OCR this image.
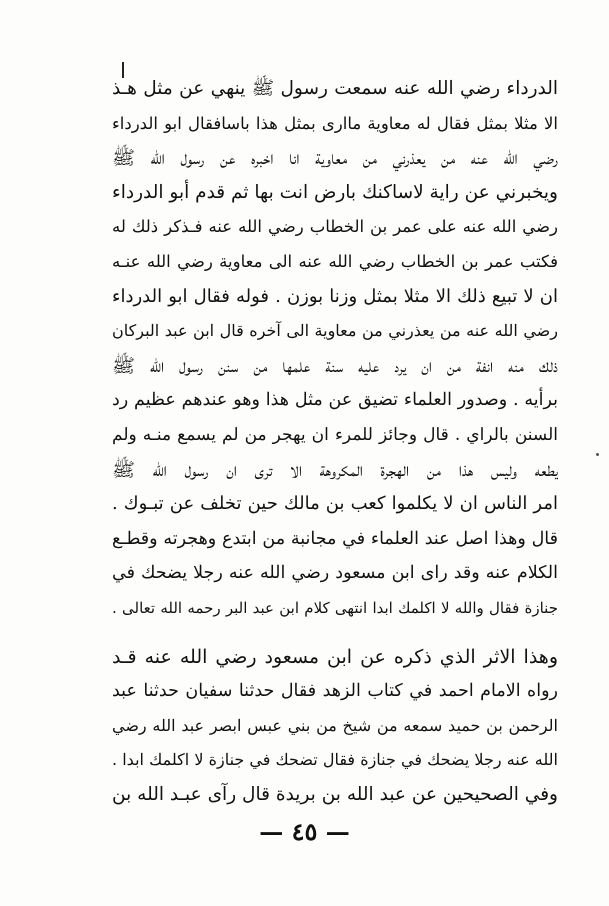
الدرداء رضي الله عنه سمعت رسول ﷺ ينهي عن مثل هـذ
الا مثلا بمثل فقال له معاوية ماارى بمثل هذا باسافقال ابو الدرداء
رضي الله عنه من يعذرني من معاوية انا اخبره عن رسول الله ﷺ
ويخبرني عن راية لاساكنك بارض انت بها ثم قدم أبو الدرداء
رضي الله عنه على عمر بن الخطاب رضي الله عنه فـذكر ذلك له
فكتب عمر بن الخطاب رضي الله عنه الى معاوية رضي الله عنـه
ان لا تبيع ذلك الا مثلا بمثل وزنا بوزن . فوله فقال ابو الدرداء
رضي الله عنه من يعذرني من معاوية الى آخره قال ابن عبد البركان
ذلك منه انفة من ان يرد عليه سنة علمها من سنن رسول الله ﷺ
برأيه . وصدور العلماء تضيق عن مثل هذا وهو عندهم عظيم رد
السنن بالراي . قال وجائز للمرء ان يهجر من لم يسمع منـه ولم
يطعه وليس هذا من الهجرة المكروهة الا ترى ان رسول الله ﷺ
امر الناس ان لا يكلموا كعب بن مالك حين تخلف عن تبـوك .
قال وهذا اصل عند العلماء في مجانبة من ابتدع وهجرته وقطـع
الكلام عنه وقد راى ابن مسعود رضي الله عنه رجلا يضحك في
جنازة فقال والله لا اكلمك ابدا انتهى كلام ابن عبد البر رحمه الله تعالى .
وهذا الاثر الذي ذكره عن ابن مسعود رضي الله عنه قـد
رواه الامام احمد في كتاب الزهد فقال حدثنا سفيان حدثنا عبد
الرحمن بن حميد سمعه من شيخ من بني عبس ابصر عبد الله رضي
الله عنه رجلا يضحك في جنازة فقال تضحك في جنازة لا اكلمك ابدا .
وفي الصحيحين عن عبد الله بن بريدة قال رآى عبـد الله بن
— ٤٥ —
